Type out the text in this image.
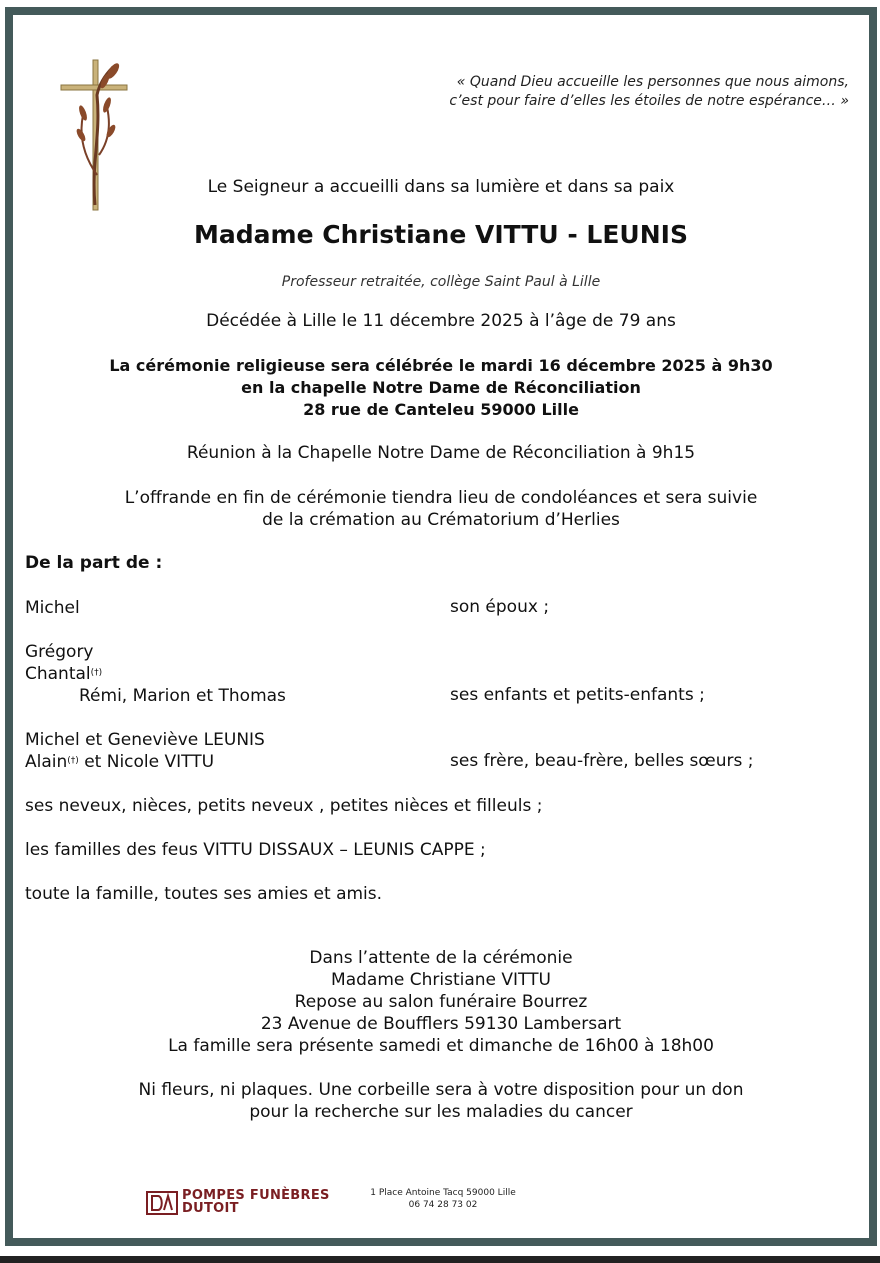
« Quand Dieu accueille les personnes que nous aimons,
c’est pour faire d’elles les étoiles de notre espérance… »
Le Seigneur a accueilli dans sa lumière et dans sa paix
Madame Christiane VITTU - LEUNIS
Professeur retraitée, collège Saint Paul à Lille
Décédée à Lille le 11 décembre 2025 à l’âge de 79 ans
La cérémonie religieuse sera célébrée le mardi 16 décembre 2025 à 9h30
en la chapelle Notre Dame de Réconciliation
28 rue de Canteleu 59000 Lille
Réunion à la Chapelle Notre Dame de Réconciliation à 9h15
L’offrande en fin de cérémonie tiendra lieu de condoléances et sera suivie
de la crémation au Crématorium d’Herlies
De la part de :
Michel	son époux ;
Grégory
Chantal(†)
Rémi, Marion et Thomas	ses enfants et petits-enfants ;
Michel et Geneviève LEUNIS
Alain(†) et Nicole VITTU	ses frère, beau-frère, belles sœurs ;
ses neveux, nièces, petits neveux , petites nièces et filleuls ;
les familles des feus VITTU DISSAUX – LEUNIS CAPPE ;
toute la famille, toutes ses amies et amis.
Dans l’attente de la cérémonie
Madame Christiane VITTU
Repose au salon funéraire Bourrez
23 Avenue de Boufflers 59130 Lambersart
La famille sera présente samedi et dimanche de 16h00 à 18h00
Ni fleurs, ni plaques. Une corbeille sera à votre disposition pour un don
pour la recherche sur les maladies du cancer
POMPES FUNÈBRES
DUTOIT
1 Place Antoine Tacq 59000 Lille
06 74 28 73 02
